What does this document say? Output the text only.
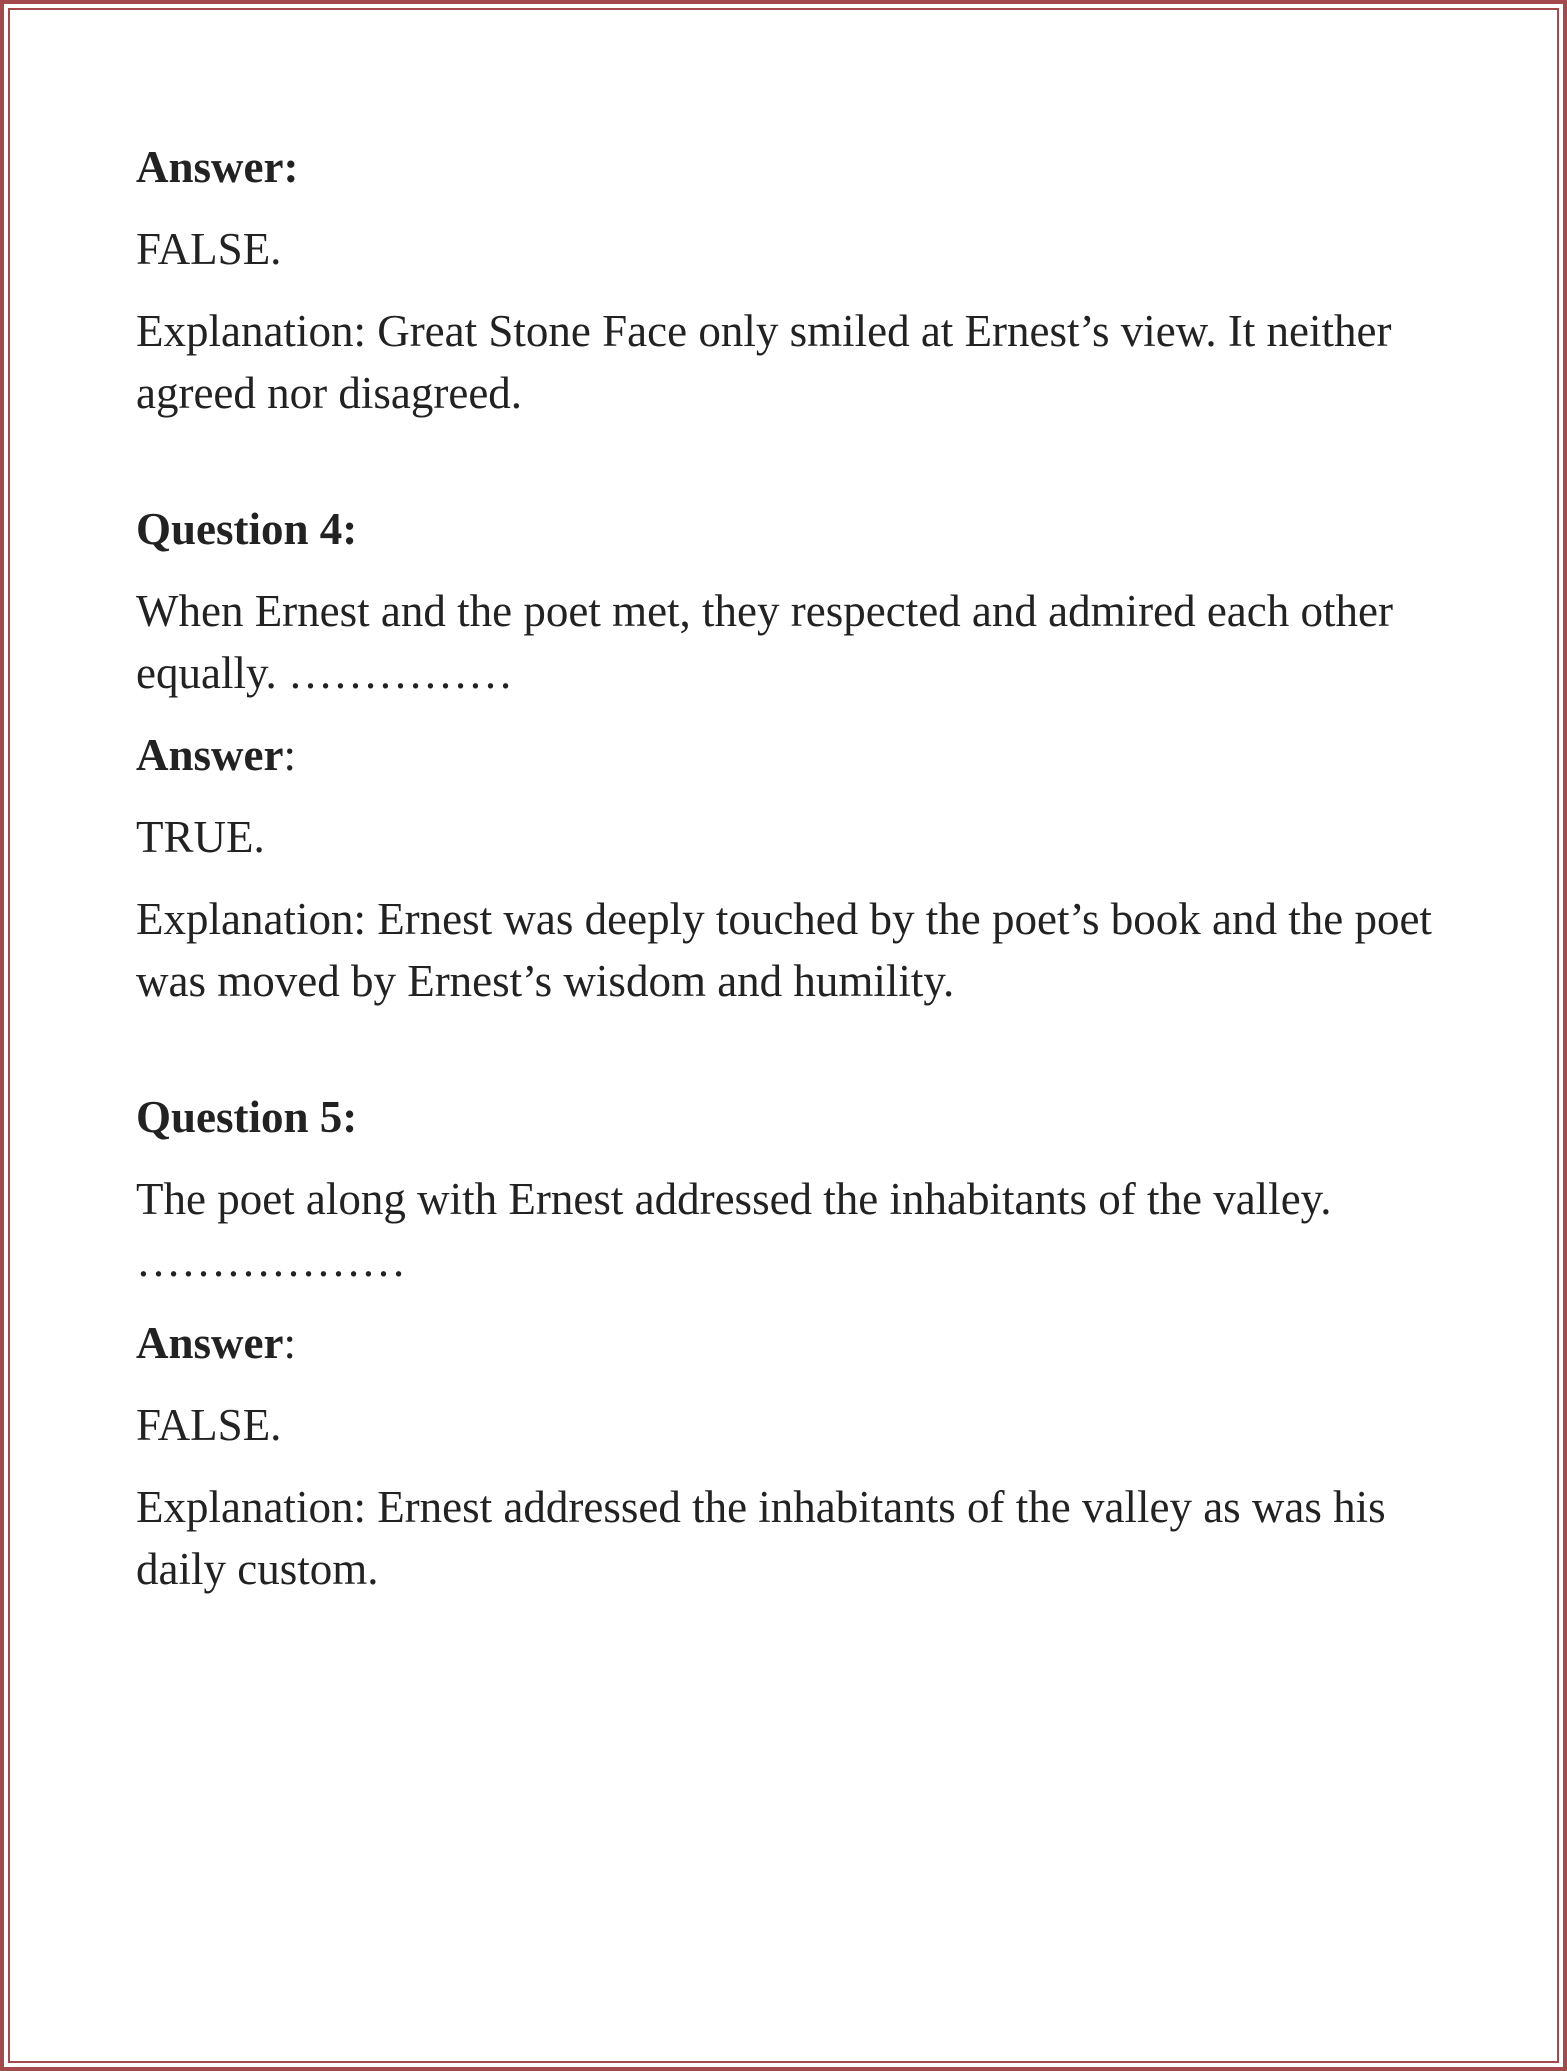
Answer:

FALSE.

Explanation: Great Stone Face only smiled at Ernest’s view. It neither agreed nor disagreed.

Question 4:

When Ernest and the poet met, they respected and admired each other equally. ……………

Answer:

TRUE.

Explanation: Ernest was deeply touched by the poet’s book and the poet was moved by Ernest’s wisdom and humility.

Question 5:

The poet along with Ernest addressed the inhabitants of the valley. ………………

Answer:

FALSE.

Explanation: Ernest addressed the inhabitants of the valley as was his daily custom.
